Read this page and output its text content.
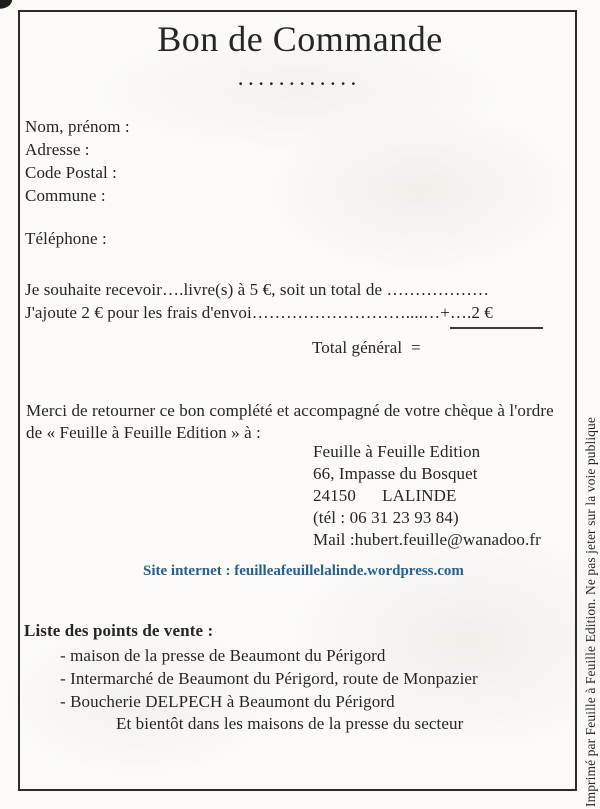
Bon de Commande
............
Nom, prénom :
Adresse :
Code Postal :
Commune :
Téléphone :
Je souhaite recevoir….livre(s) à 5 €, soit un total de ………………
J'ajoute 2 € pour les frais d'envoi………………………....…+….2 €
Total général  =
Merci de retourner ce bon complété et accompagné de votre chèque à l'ordre
de « Feuille à Feuille Edition » à :
Feuille à Feuille Edition
66, Impasse du Bosquet
24150      LALINDE
(tél : 06 31 23 93 84)
Mail :hubert.feuille@wanadoo.fr
Site internet : feuilleafeuillelalinde.wordpress.com
Liste des points de vente :
- maison de la presse de Beaumont du Périgord
- Intermarché de Beaumont du Périgord, route de Monpazier
- Boucherie DELPECH à Beaumont du Périgord
Et bientôt dans les maisons de la presse du secteur	Imprimé par Feuille à Feuille Edition. Ne pas jeter sur la voie publique
